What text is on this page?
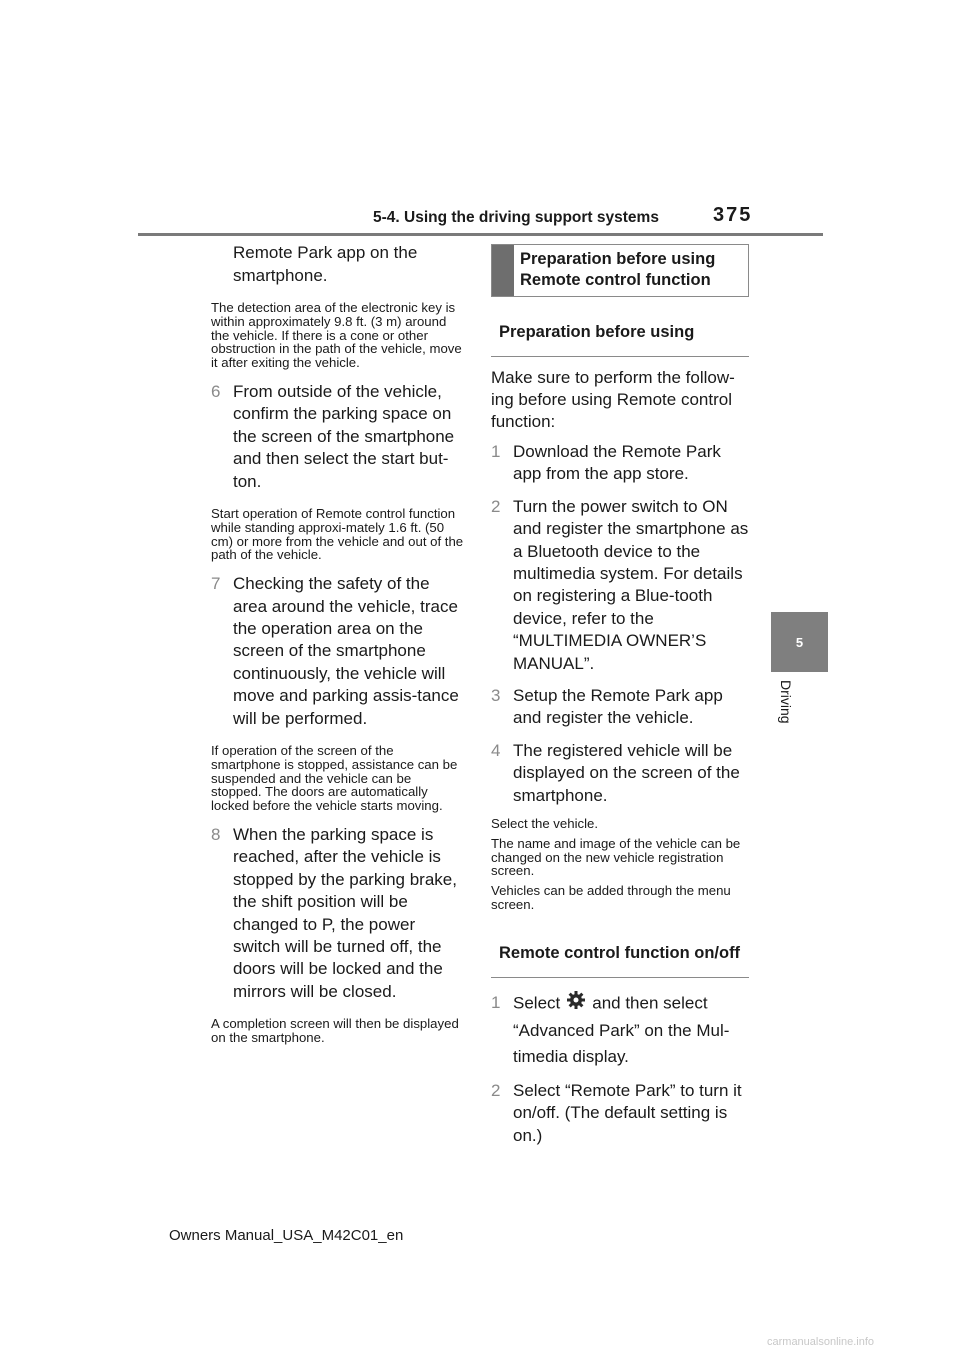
5-4. Using the driving support systems	375
5
Driving
Remote Park app on the smartphone.
The detection area of the electronic key is within approximately 9.8 ft. (3 m) around the vehicle. If there is a cone or other obstruction in the path of the vehicle, move it after exiting the vehicle.
6 From outside of the vehicle, confirm the parking space on the screen of the smartphone and then select the start but-ton.
Start operation of Remote control function while standing approxi-mately 1.6 ft. (50 cm) or more from the vehicle and out of the path of the vehicle.
7 Checking the safety of the area around the vehicle, trace the operation area on the screen of the smartphone continuously, the vehicle will move and parking assis-tance will be performed.
If operation of the screen of the smartphone is stopped, assistance can be suspended and the vehicle can be stopped. The doors are automatically locked before the vehicle starts moving.
8 When the parking space is reached, after the vehicle is stopped by the parking brake, the shift position will be changed to P, the power switch will be turned off, the doors will be locked and the mirrors will be closed.
A completion screen will then be displayed on the smartphone.
Preparation before using Remote control function
Preparation before using
Make sure to perform the follow-ing before using Remote control function:
1 Download the Remote Park app from the app store.
2 Turn the power switch to ON and register the smartphone as a Bluetooth device to the multimedia system. For details on registering a Blue-tooth device, refer to the “MULTIMEDIA OWNER’S MANUAL”.
3 Setup the Remote Park app and register the vehicle.
4 The registered vehicle will be displayed on the screen of the smartphone.
Select the vehicle.
The name and image of the vehicle can be changed on the new vehicle registration screen.
Vehicles can be added through the menu screen.
Remote control function on/off
1 Select and then select “Advanced Park” on the Mul-timedia display.
2 Select “Remote Park” to turn it on/off. (The default setting is on.)
Owners Manual_USA_M42C01_en
carmanualsonline.info
